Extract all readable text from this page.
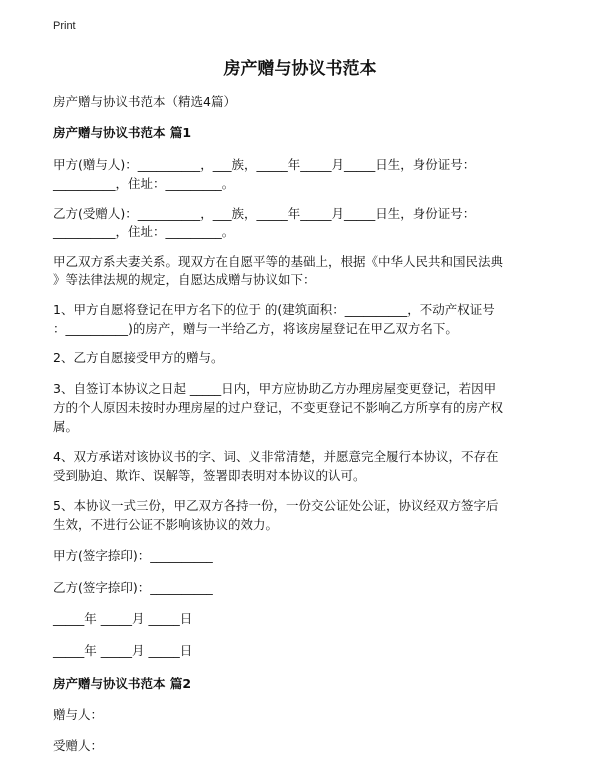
Print
房产赠与协议书范本
房产赠与协议书范本（精选4篇）
房产赠与协议书范本 篇1
甲方(赠与人)：__________，___族，_____年_____月_____日生，身份证号：
__________，住址：_________。
乙方(受赠人)：__________，___族，_____年_____月_____日生，身份证号：
__________，住址：_________。
甲乙双方系夫妻关系。现双方在自愿平等的基础上，根据《中华人民共和国民法典
》等法律法规的规定，自愿达成赠与协议如下：
1、甲方自愿将登记在甲方名下的位于 的(建筑面积：__________，不动产权证号
：__________)的房产，赠与一半给乙方，将该房屋登记在甲乙双方名下。
2、乙方自愿接受甲方的赠与。
3、自签订本协议之日起 _____日内，甲方应协助乙方办理房屋变更登记，若因甲
方的个人原因未按时办理房屋的过户登记，不变更登记不影响乙方所享有的房产权
属。
4、双方承诺对该协议书的字、词、义非常清楚，并愿意完全履行本协议，不存在
受到胁迫、欺诈、误解等，签署即表明对本协议的认可。
5、本协议一式三份，甲乙双方各持一份，一份交公证处公证，协议经双方签字后
生效，不进行公证不影响该协议的效力。
甲方(签字捺印)：__________
乙方(签字捺印)：__________
_____年 _____月 _____日
_____年 _____月 _____日
房产赠与协议书范本 篇2
赠与人：
受赠人：
